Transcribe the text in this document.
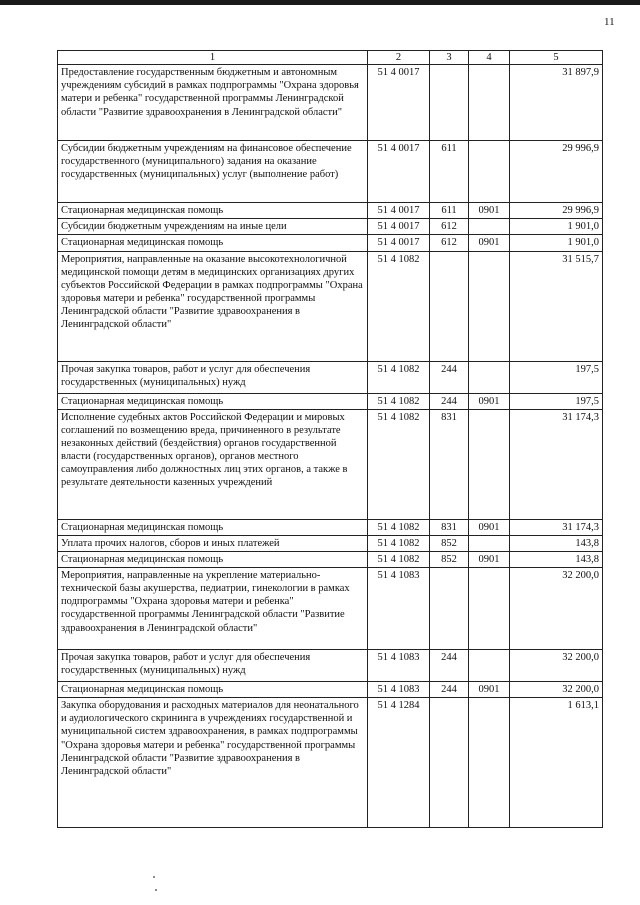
11
1	2	3	4	5
Предоставление государственным бюджетным и автономным учреждениям субсидий в рамках подпрограммы "Охрана здоровья матери и ребенка" государственной программы Ленинградской области "Развитие здравоохранения в Ленинградской области"	51 4 0017			31 897,9
Субсидии бюджетным учреждениям на финансовое обеспечение государственного (муниципального) задания на оказание государственных (муниципальных) услуг (выполнение работ)	51 4 0017	611		29 996,9
Стационарная медицинская помощь	51 4 0017	611	0901	29 996,9
Субсидии бюджетным учреждениям на иные цели	51 4 0017	612		1 901,0
Стационарная медицинская помощь	51 4 0017	612	0901	1 901,0
Мероприятия, направленные на оказание высокотехнологичной медицинской помощи детям в медицинских организациях других субъектов Российской Федерации в рамках подпрограммы "Охрана здоровья матери и ребенка" государственной программы Ленинградской области "Развитие здравоохранения в Ленинградской области"	51 4 1082			31 515,7
Прочая закупка товаров, работ и услуг для обеспечения государственных (муниципальных) нужд	51 4 1082	244		197,5
Стационарная медицинская помощь	51 4 1082	244	0901	197,5
Исполнение судебных актов Российской Федерации и мировых соглашений по возмещению вреда, причиненного в результате незаконных действий (бездействия) органов государственной власти (государственных органов), органов местного самоуправления либо должностных лиц этих органов, а также в результате деятельности казенных учреждений	51 4 1082	831		31 174,3
Стационарная медицинская помощь	51 4 1082	831	0901	31 174,3
Уплата прочих налогов, сборов и иных платежей	51 4 1082	852		143,8
Стационарная медицинская помощь	51 4 1082	852	0901	143,8
Мероприятия, направленные на укрепление материально-технической базы акушерства, педиатрии, гинекологии в рамках подпрограммы "Охрана здоровья матери и ребенка" государственной программы Ленинградской области "Развитие здравоохранения в Ленинградской области"	51 4 1083			32 200,0
Прочая закупка товаров, работ и услуг для обеспечения государственных (муниципальных) нужд	51 4 1083	244		32 200,0
Стационарная медицинская помощь	51 4 1083	244	0901	32 200,0
Закупка оборудования и расходных материалов для неонатального и аудиологического скрининга в учреждениях государственной и муниципальной систем здравоохранения, в рамках подпрограммы "Охрана здоровья матери и ребенка" государственной программы Ленинградской области "Развитие здравоохранения в Ленинградской области"	51 4 1284			1 613,1
